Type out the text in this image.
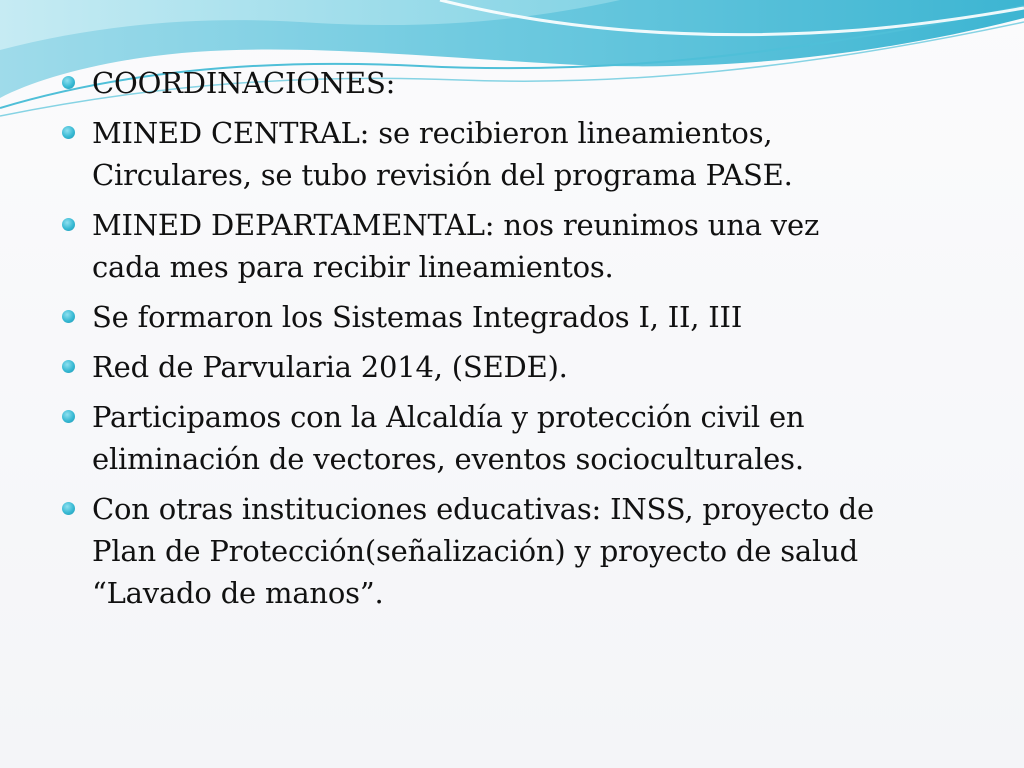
COORDINACIONES:
MINED CENTRAL: se recibieron lineamientos,
Circulares, se tubo revisión del programa PASE.
MINED DEPARTAMENTAL: nos reunimos una vez
cada mes para recibir lineamientos.
Se formaron los Sistemas Integrados I, II, III
Red de Parvularia 2014, (SEDE).
Participamos con la Alcaldía y protección civil en
eliminación de vectores, eventos socioculturales.
Con otras instituciones educativas: INSS, proyecto de
Plan de Protección(señalización) y proyecto de salud
“Lavado de manos”.
